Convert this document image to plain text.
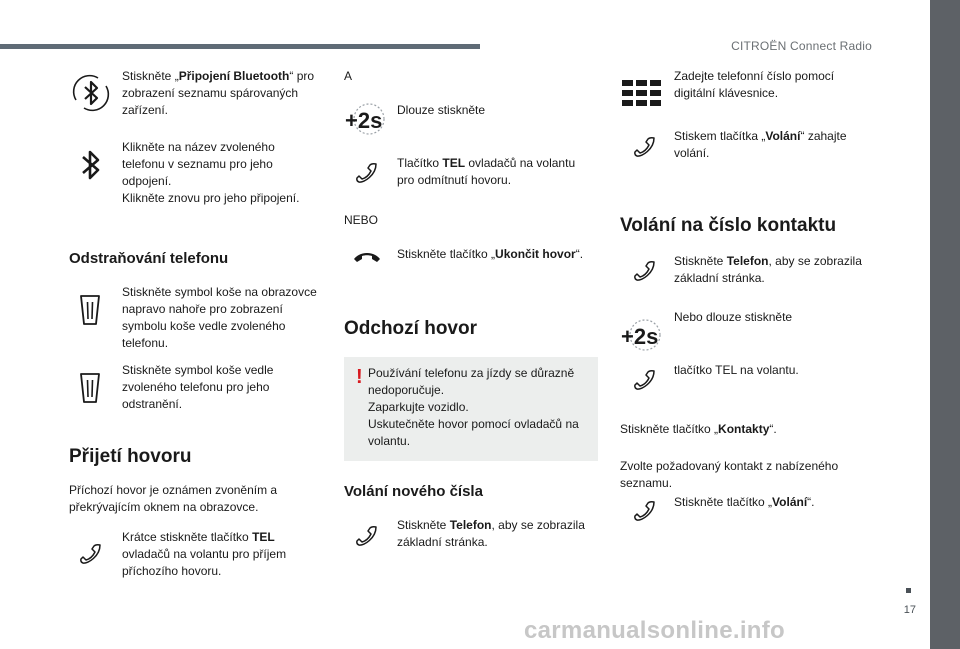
CITROËN Connect Radio
Stiskněte „Připojení Bluetooth“ pro zobrazení seznamu spárovaných zařízení.
Klikněte na název zvoleného telefonu v seznamu pro jeho odpojení.
Klikněte znovu pro jeho připojení.
Odstraňování telefonu
Stiskněte symbol koše na obrazovce napravo nahoře pro zobrazení symbolu koše vedle zvoleného telefonu.
Stiskněte symbol koše vedle zvoleného telefonu pro jeho odstranění.
Přijetí hovoru
Příchozí hovor je oznámen zvoněním a překrývajícím oknem na obrazovce.
Krátce stiskněte tlačítko TEL ovladačů na volantu pro příjem příchozího hovoru.
A
+2s Dlouze stiskněte
Tlačítko TEL ovladačů na volantu pro odmítnutí hovoru.
NEBO
Stiskněte tlačítko „Ukončit hovor“.
Odchozí hovor
! Používání telefonu za jízdy se důrazně nedoporučuje.
Zaparkujte vozidlo.
Uskutečněte hovor pomocí ovladačů na volantu.
Volání nového čísla
Stiskněte Telefon, aby se zobrazila základní stránka.
Zadejte telefonní číslo pomocí digitální klávesnice.
Stiskem tlačítka „Volání“ zahajte volání.
Volání na číslo kontaktu
Stiskněte Telefon, aby se zobrazila základní stránka.
+2s
Nebo dlouze stiskněte
tlačítko TEL na volantu.
Stiskněte tlačítko „Kontakty“.
Zvolte požadovaný kontakt z nabízeného seznamu.
Stiskněte tlačítko „Volání“.
17
carmanualsonline.info
